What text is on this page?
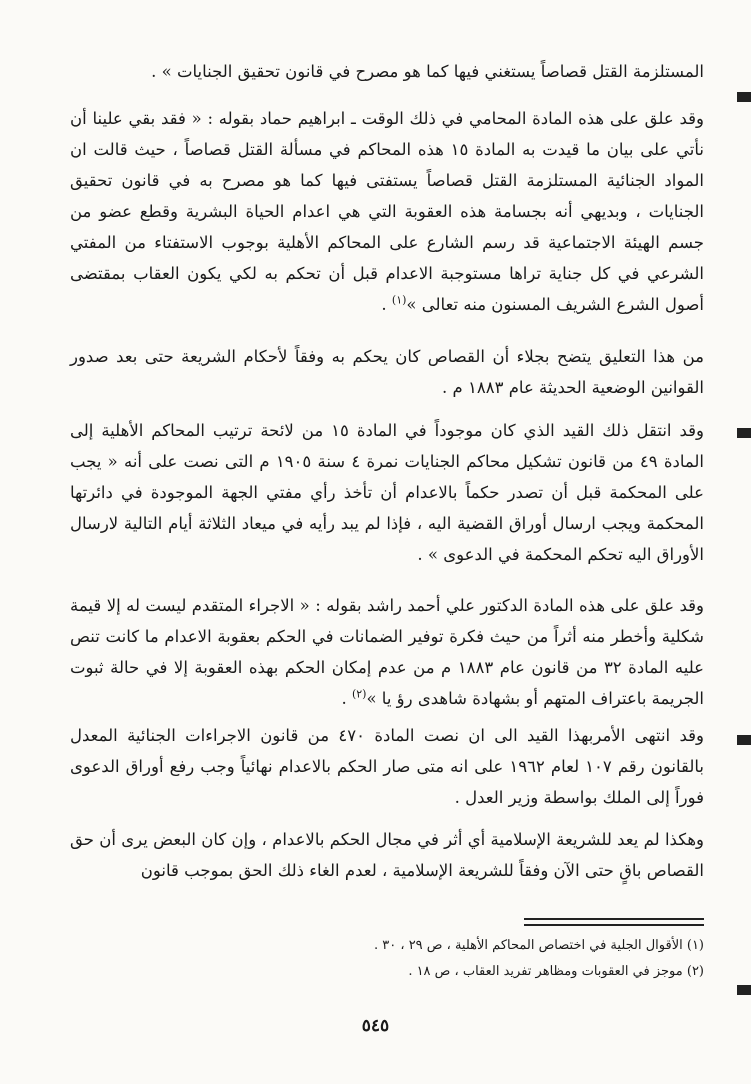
المستلزمة القتل قصاصاً يستغني فيها كما هو مصرح في قانون تحقيق الجنايات » .

وقد علق على هذه المادة المحامي في ذلك الوقت ـ ابراهيم حماد بقوله : « فقد بقي علينا أن نأتي على بيان ما قيدت به المادة ١٥ هذه المحاكم في مسألة القتل قصاصاً ، حيث قالت ان المواد الجنائية المستلزمة القتل قصاصاً يستفتى فيها كما هو مصرح به في قانون تحقيق الجنايات ، وبديهي أنه بجسامة هذه العقوبة التي هي اعدام الحياة البشرية وقطع عضو من جسم الهيئة الاجتماعية قد رسم الشارع على المحاكم الأهلية بوجوب الاستفتاء من المفتي الشرعي في كل جناية تراها مستوجبة الاعدام قبل أن تحكم به لكي يكون العقاب بمقتضى أصول الشرع الشريف المسنون منه تعالى »$^{(١)}$ .

من هذا التعليق يتضح بجلاء أن القصاص كان يحكم به وفقاً لأحكام الشريعة حتى بعد صدور القوانين الوضعية الحديثة عام ١٨٨٣ م .

وقد انتقل ذلك القيد الذي كان موجوداً في المادة ١٥ من لائحة ترتيب المحاكم الأهلية إلى المادة ٤٩ من قانون تشكيل محاكم الجنايات نمرة ٤ سنة ١٩٠٥ م التى نصت على أنه « يجب على المحكمة قبل أن تصدر حكماً بالاعدام أن تأخذ رأي مفتي الجهة الموجودة في دائرتها المحكمة ويجب ارسال أوراق القضية اليه ، فإذا لم يبد رأيه في ميعاد الثلاثة أيام التالية لارسال الأوراق اليه تحكم المحكمة في الدعوى » .

وقد علق على هذه المادة الدكتور علي أحمد راشد بقوله : « الاجراء المتقدم ليست له إلا قيمة شكلية وأخطر منه أثراً من حيث فكرة توفير الضمانات في الحكم بعقوبة الاعدام ما كانت تنص عليه المادة ٣٢ من قانون عام ١٨٨٣ م من عدم إمكان الحكم بهذه العقوبة إلا في حالة ثبوت الجريمة باعتراف المتهم أو بشهادة شاهدى رؤ يا »$^{(٢)}$ .

وقد انتهى الأمربهذا القيد الى ان نصت المادة ٤٧٠ من قانون الاجراءات الجنائية المعدل بالقانون رقم ١٠٧ لعام ١٩٦٢ على انه متى صار الحكم بالاعدام نهائياً وجب رفع أوراق الدعوى فوراً إلى الملك بواسطة وزير العدل .

وهكذا لم يعد للشريعة الإسلامية أي أثر في مجال الحكم بالاعدام ، وإن كان البعض يرى أن حق القصاص باقٍ حتى الآن وفقاً للشريعة الإسلامية ، لعدم الغاء ذلك الحق بموجب قانون

(١) الأقوال الجلية في اختصاص المحاكم الأهلية ، ص ٢٩ ، ٣٠ .

(٢) موجز في العقوبات ومظاهر تفريد العقاب ، ص ١٨ .

٥٤٥
